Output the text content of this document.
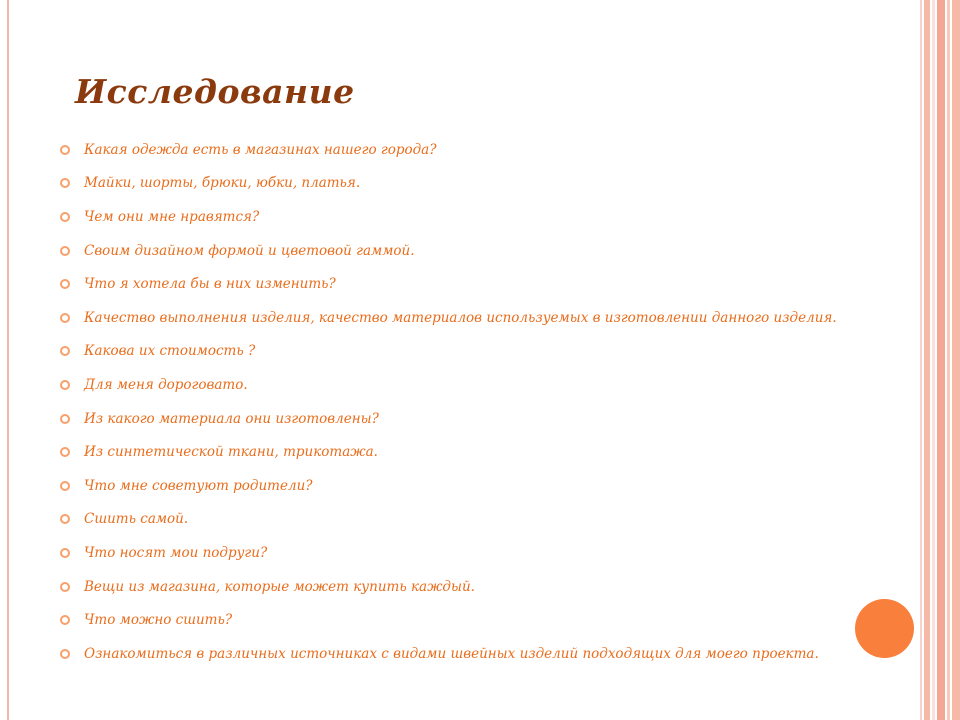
Исследование
Какая одежда есть в магазинах нашего города?
Майки, шорты, брюки, юбки, платья.
Чем они мне нравятся?
Своим дизайном формой и цветовой гаммой.
Что я хотела бы в них изменить?
Качество выполнения изделия, качество материалов используемых в изготовлении данного изделия.
Какова их стоимость ?
Для меня дороговато.
Из какого материала они изготовлены?
Из синтетической ткани, трикотажа.
Что мне советуют родители?
Сшить самой.
Что носят мои подруги?
Вещи из магазина, которые может купить каждый.
Что можно сшить?
Ознакомиться в различных источниках с видами швейных изделий подходящих для моего проекта.
